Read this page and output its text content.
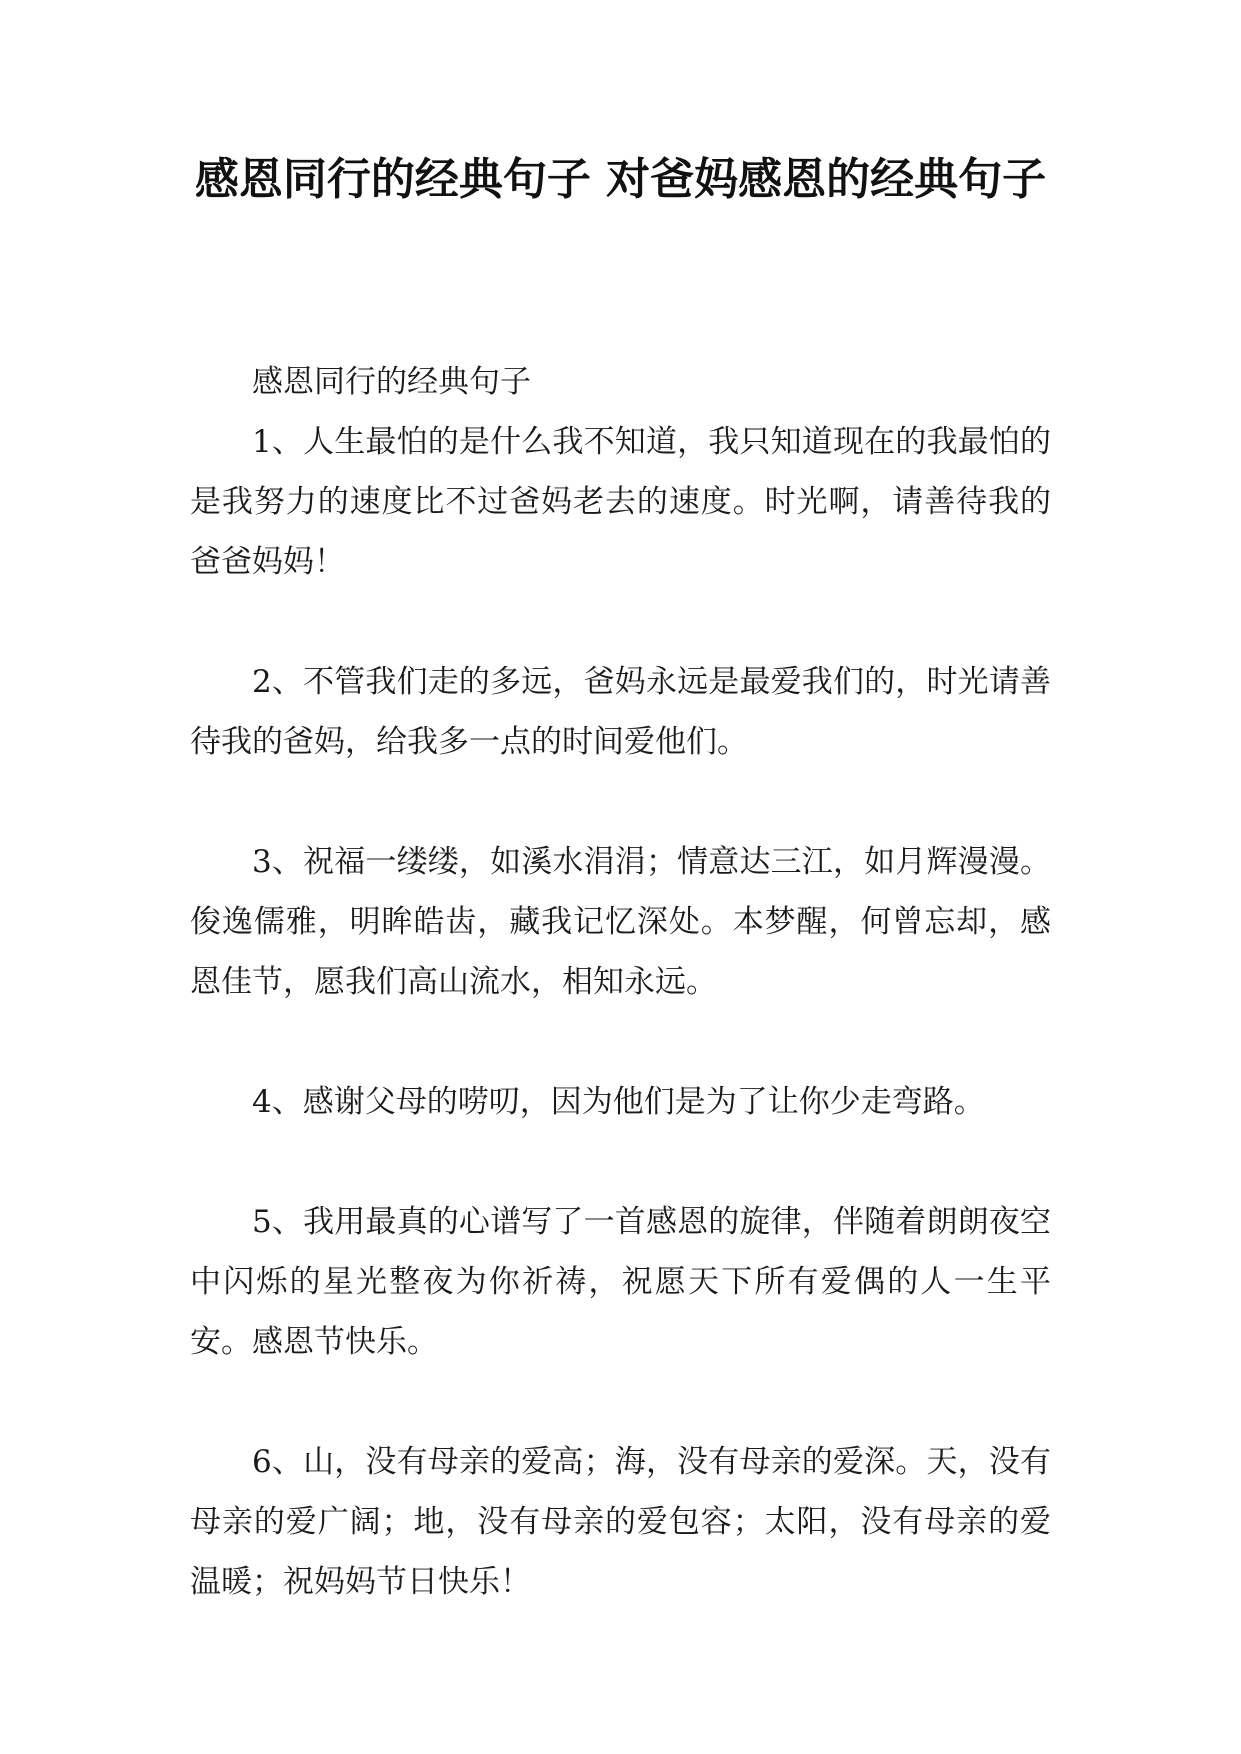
感恩同行的经典句子 对爸妈感恩的经典句子

感恩同行的经典句子

1、人生最怕的是什么我不知道，我只知道现在的我最怕的是我努力的速度比不过爸妈老去的速度。时光啊，请善待我的爸爸妈妈！

2、不管我们走的多远，爸妈永远是最爱我们的，时光请善待我的爸妈，给我多一点的时间爱他们。

3、祝福一缕缕，如溪水涓涓；情意达三江，如月辉漫漫。俊逸儒雅，明眸皓齿，藏我记忆深处。本梦醒，何曾忘却，感恩佳节，愿我们高山流水，相知永远。

4、感谢父母的唠叨，因为他们是为了让你少走弯路。

5、我用最真的心谱写了一首感恩的旋律，伴随着朗朗夜空中闪烁的星光整夜为你祈祷，祝愿天下所有爱偶的人一生平安。感恩节快乐。

6、山，没有母亲的爱高；海，没有母亲的爱深。天，没有母亲的爱广阔；地，没有母亲的爱包容；太阳，没有母亲的爱温暖；祝妈妈节日快乐！
